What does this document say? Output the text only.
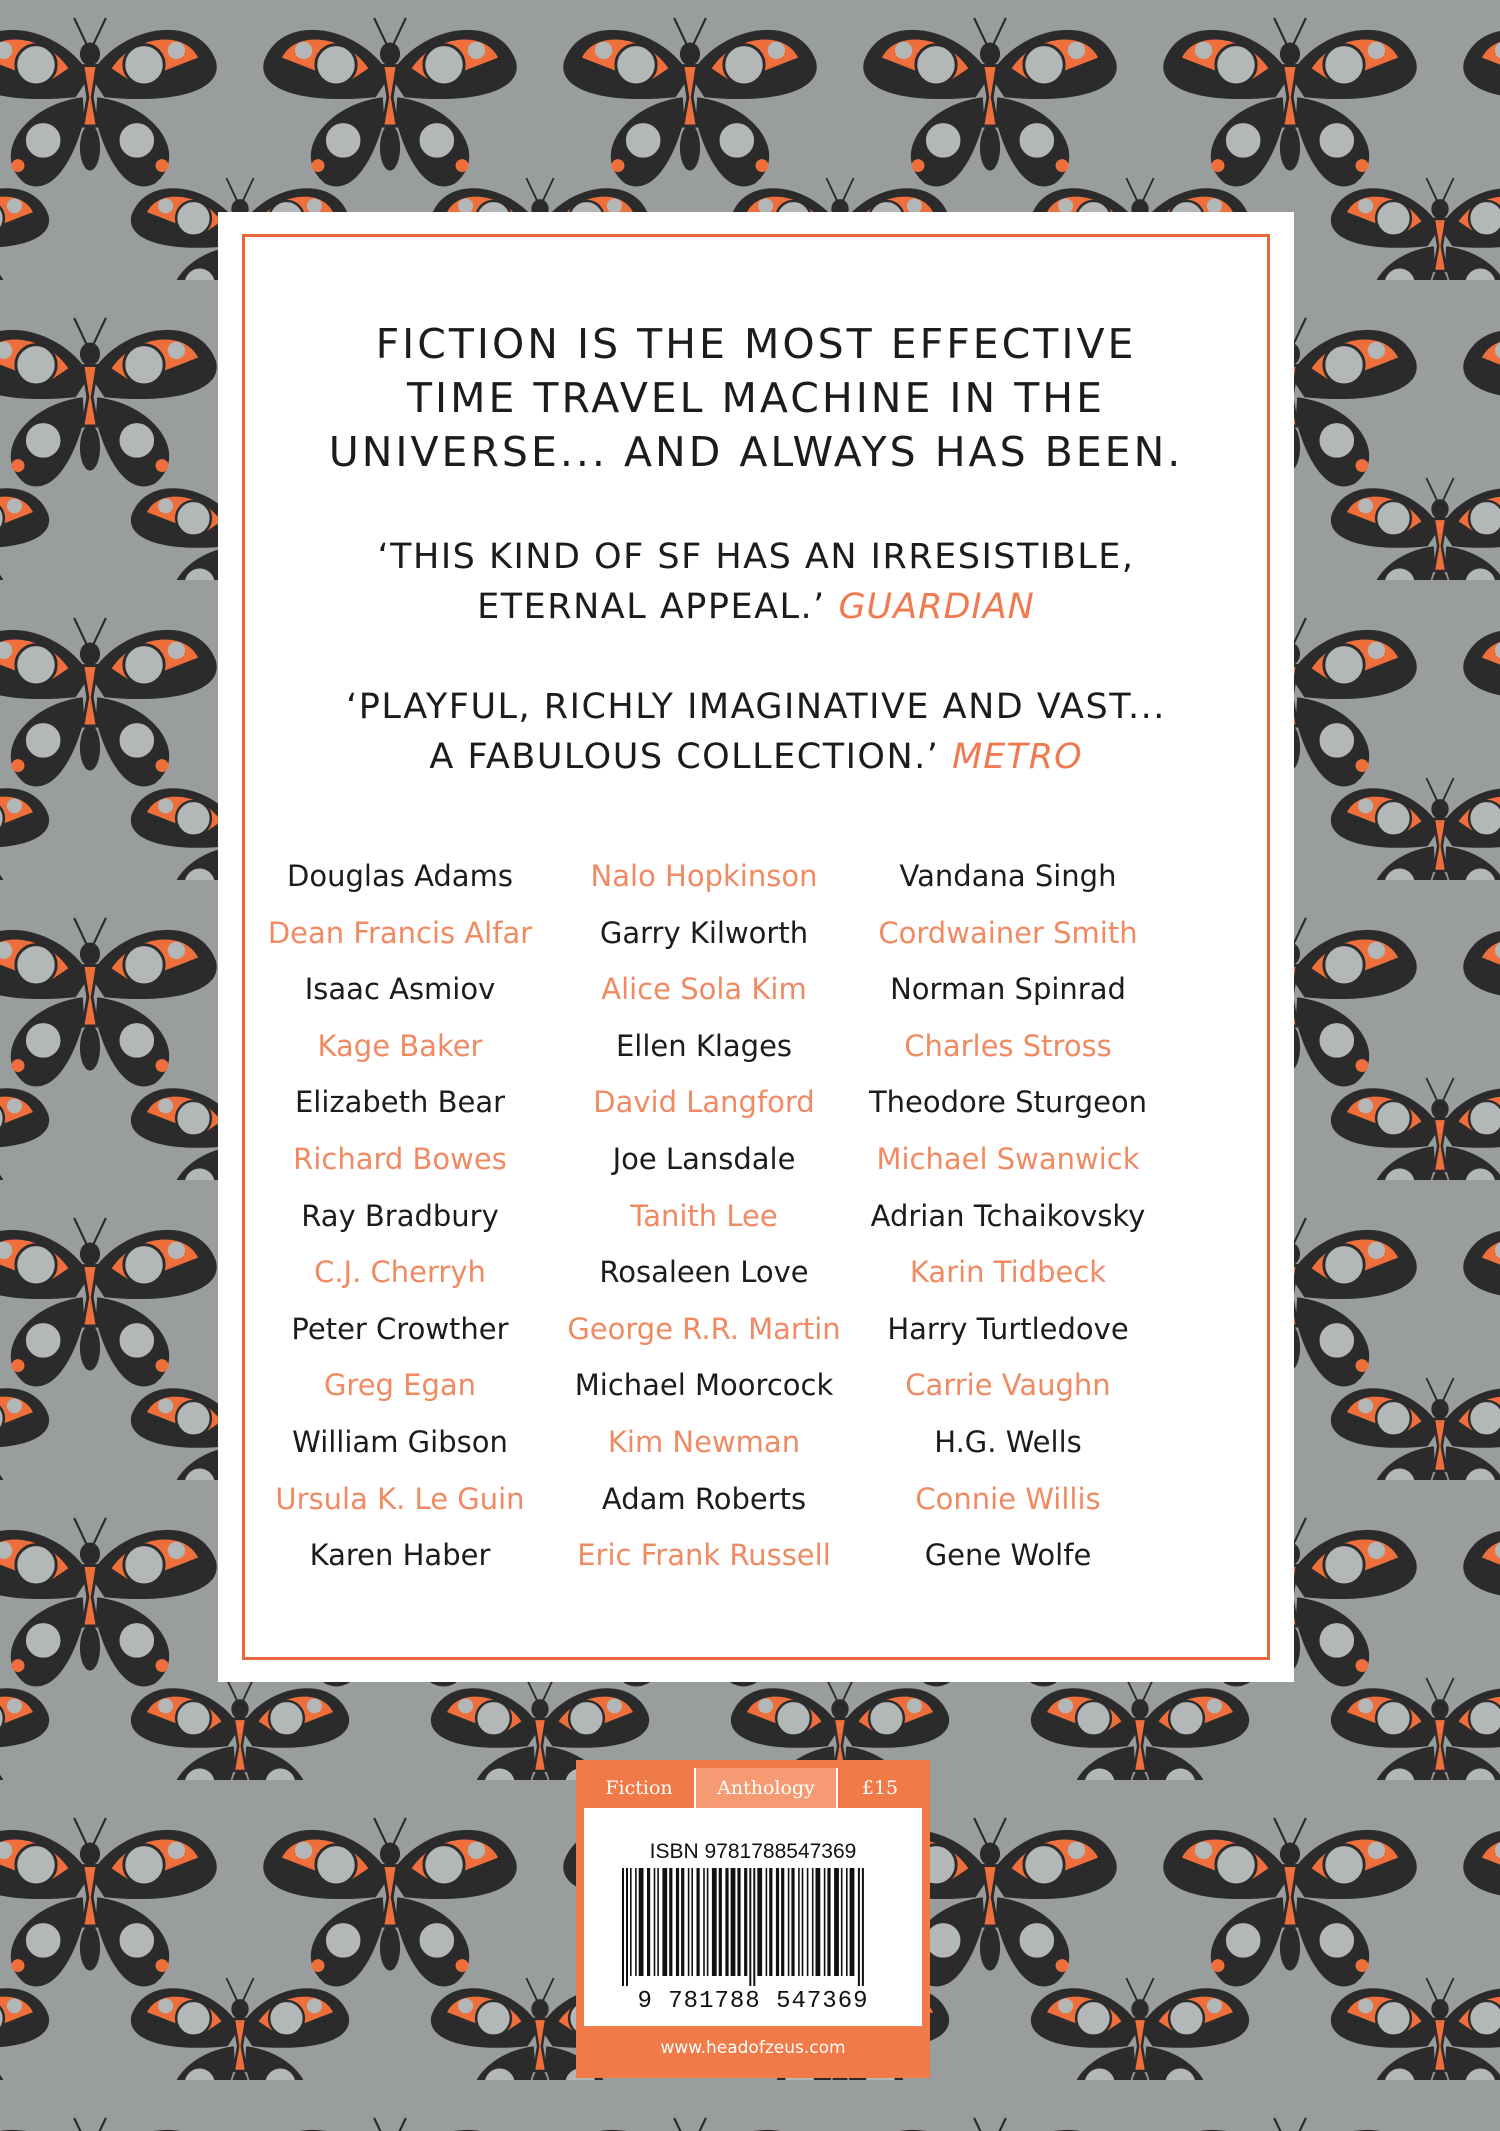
FICTION IS THE MOST EFFECTIVE
TIME TRAVEL MACHINE IN THE
UNIVERSE... AND ALWAYS HAS BEEN.
‘THIS KIND OF SF HAS AN IRRESISTIBLE,
ETERNAL APPEAL.’ GUARDIAN
‘PLAYFUL, RICHLY IMAGINATIVE AND VAST...
A FABULOUS COLLECTION.’ METRO
Douglas Adams
Dean Francis Alfar
Isaac Asmiov
Kage Baker
Elizabeth Bear
Richard Bowes
Ray Bradbury
C.J. Cherryh
Peter Crowther
Greg Egan
William Gibson
Ursula K. Le Guin
Karen Haber
Nalo Hopkinson
Garry Kilworth
Alice Sola Kim
Ellen Klages
David Langford
Joe Lansdale
Tanith Lee
Rosaleen Love
George R.R. Martin
Michael Moorcock
Kim Newman
Adam Roberts
Eric Frank Russell
Vandana Singh
Cordwainer Smith
Norman Spinrad
Charles Stross
Theodore Sturgeon
Michael Swanwick
Adrian Tchaikovsky
Karin Tidbeck
Harry Turtledove
Carrie Vaughn
H.G. Wells
Connie Willis
Gene Wolfe
Fiction	Anthology	£15
ISBN 9781788547369
9 781788 547369
www.headofzeus.com
